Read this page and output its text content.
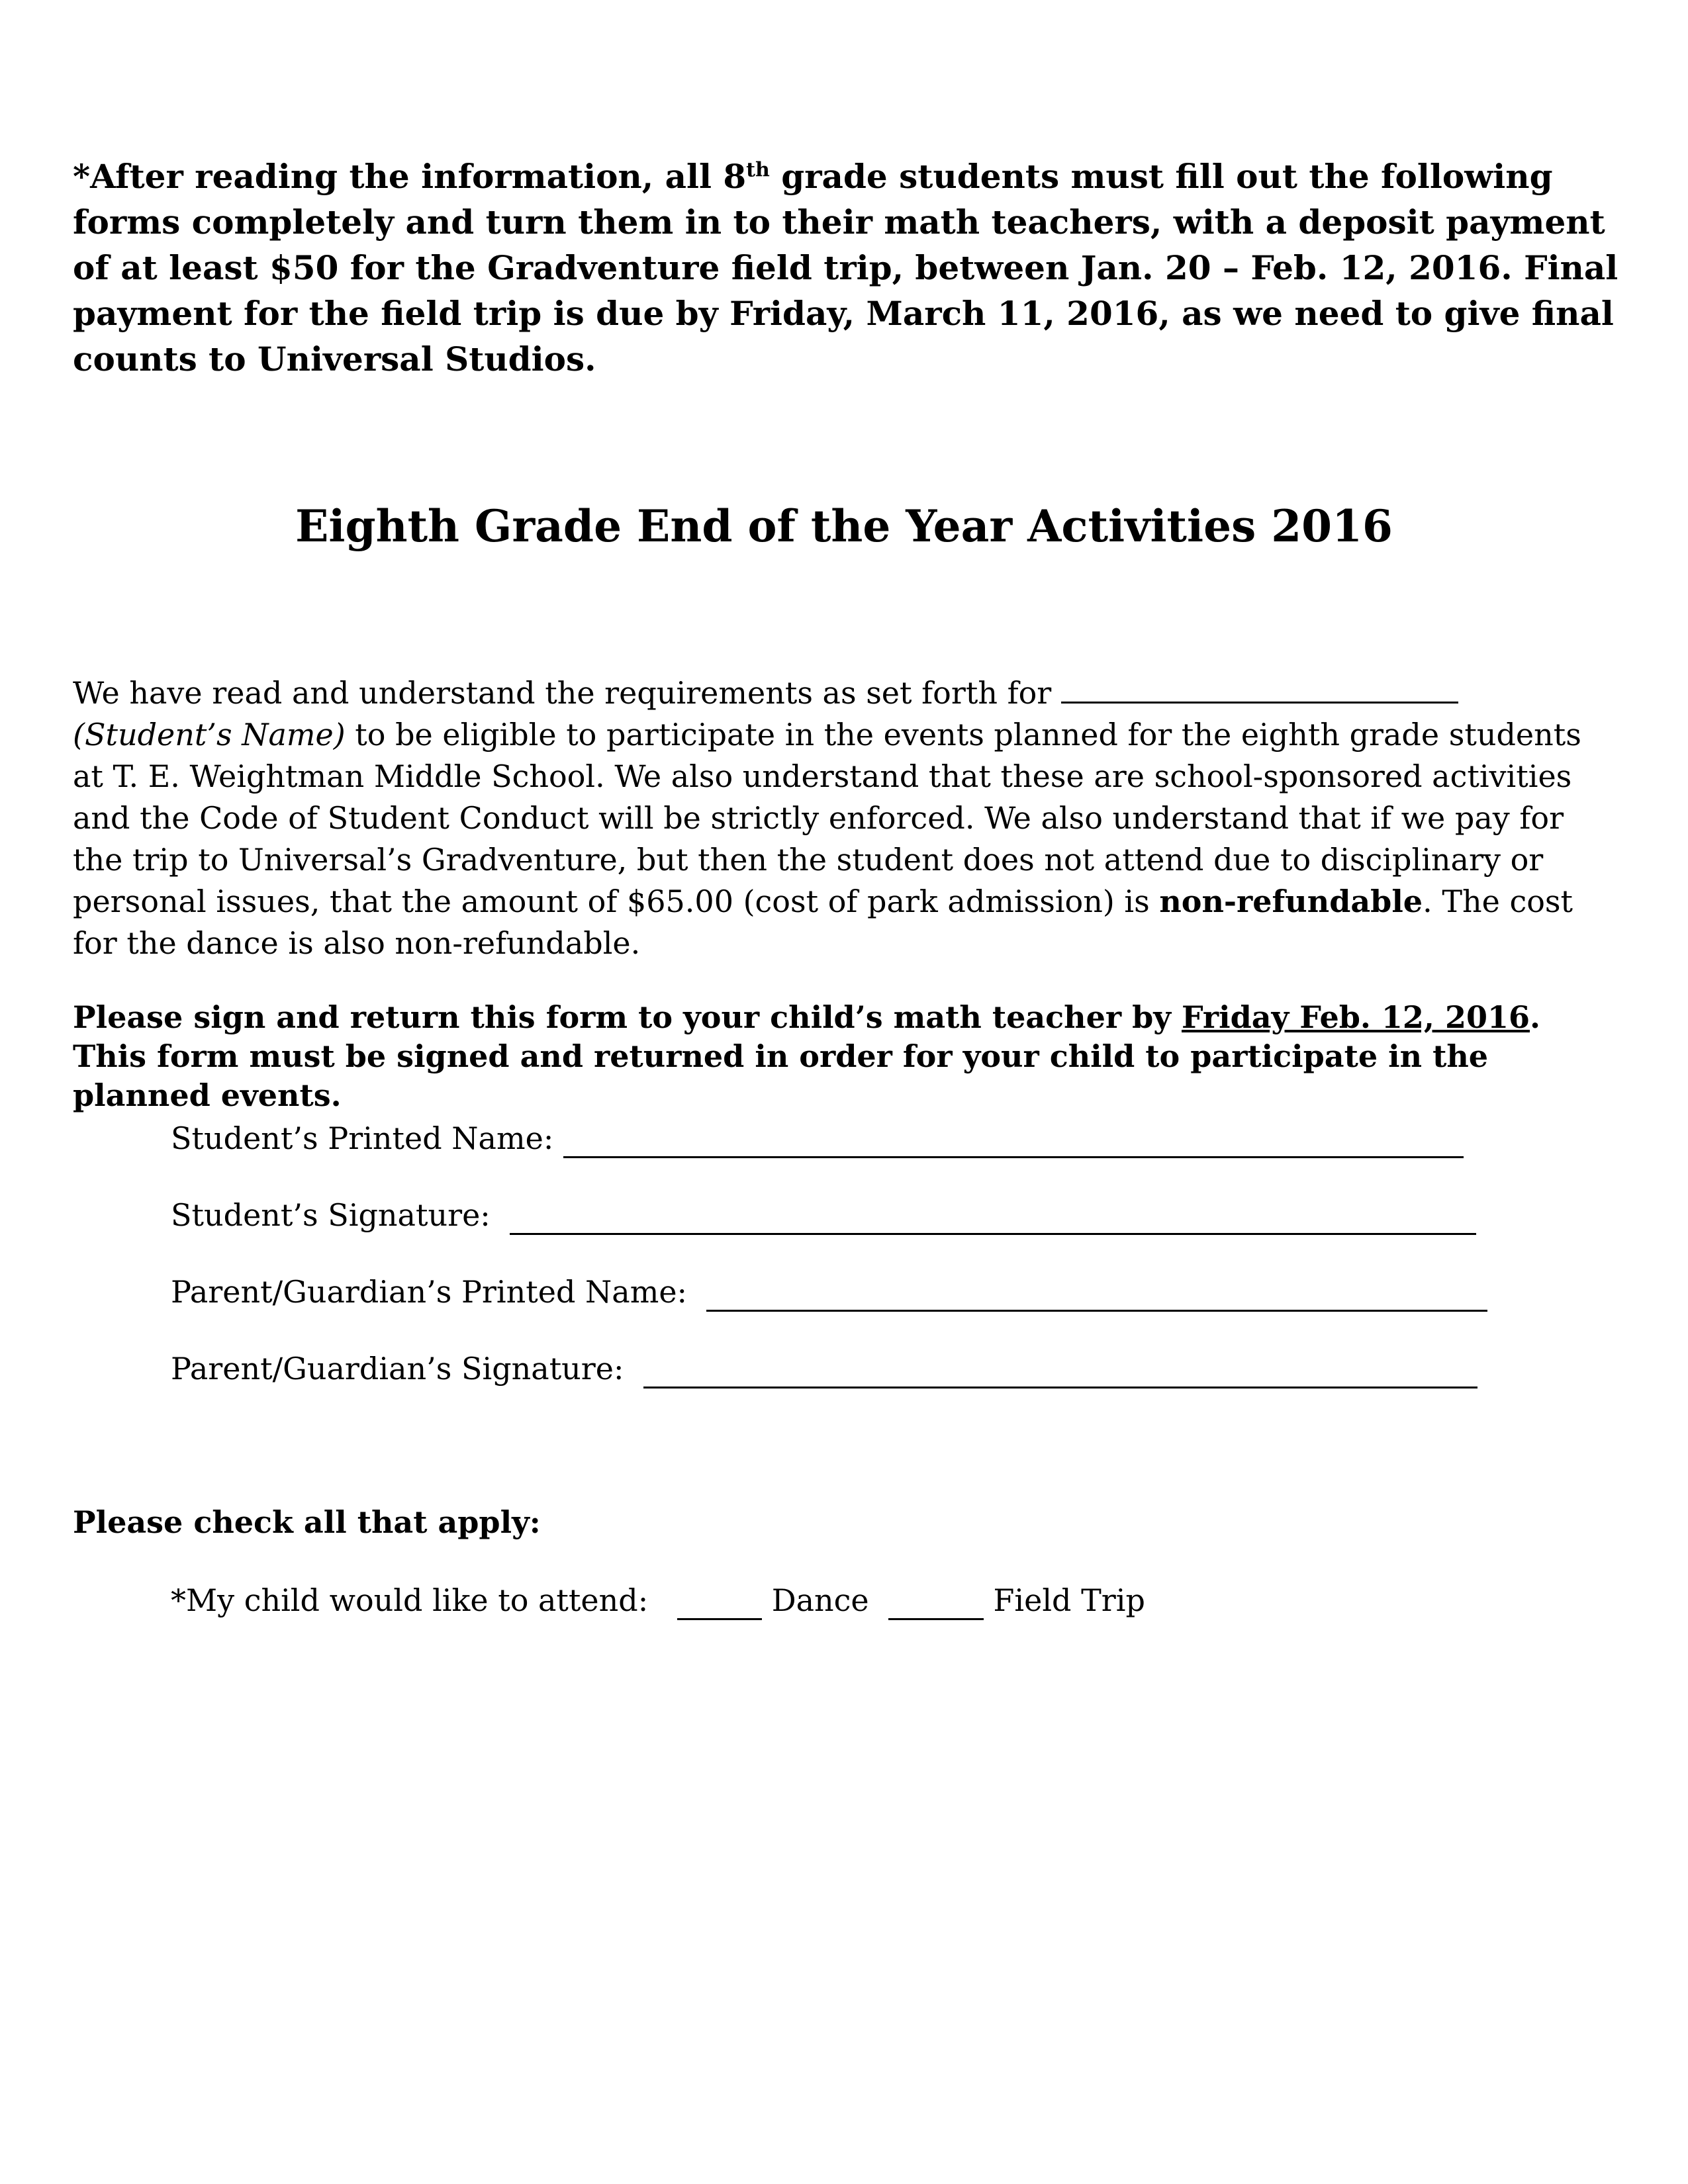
*After reading the information, all 8th grade students must fill out the following forms completely and turn them in to their math teachers, with a deposit payment of at least $50 for the Gradventure field trip, between Jan. 20 – Feb. 12, 2016. Final payment for the field trip is due by Friday, March 11, 2016, as we need to give final counts to Universal Studios.

Eighth Grade End of the Year Activities 2016

We have read and understand the requirements as set forth for  (Student’s Name) to be eligible to participate in the events planned for the eighth grade students at T. E. Weightman Middle School. We also understand that these are school-sponsored activities and the Code of Student Conduct will be strictly enforced. We also understand that if we pay for the trip to Universal’s Gradventure, but then the student does not attend due to disciplinary or personal issues, that the amount of $65.00 (cost of park admission) is non-refundable. The cost for the dance is also non-refundable.

Please sign and return this form to your child’s math teacher by Friday Feb. 12, 2016. This form must be signed and returned in order for your child to participate in the planned events.

Student’s Printed Name:
Student’s Signature:
Parent/Guardian’s Printed Name:
Parent/Guardian’s Signature:

Please check all that apply:

*My child would like to attend:	Dance	Field Trip
